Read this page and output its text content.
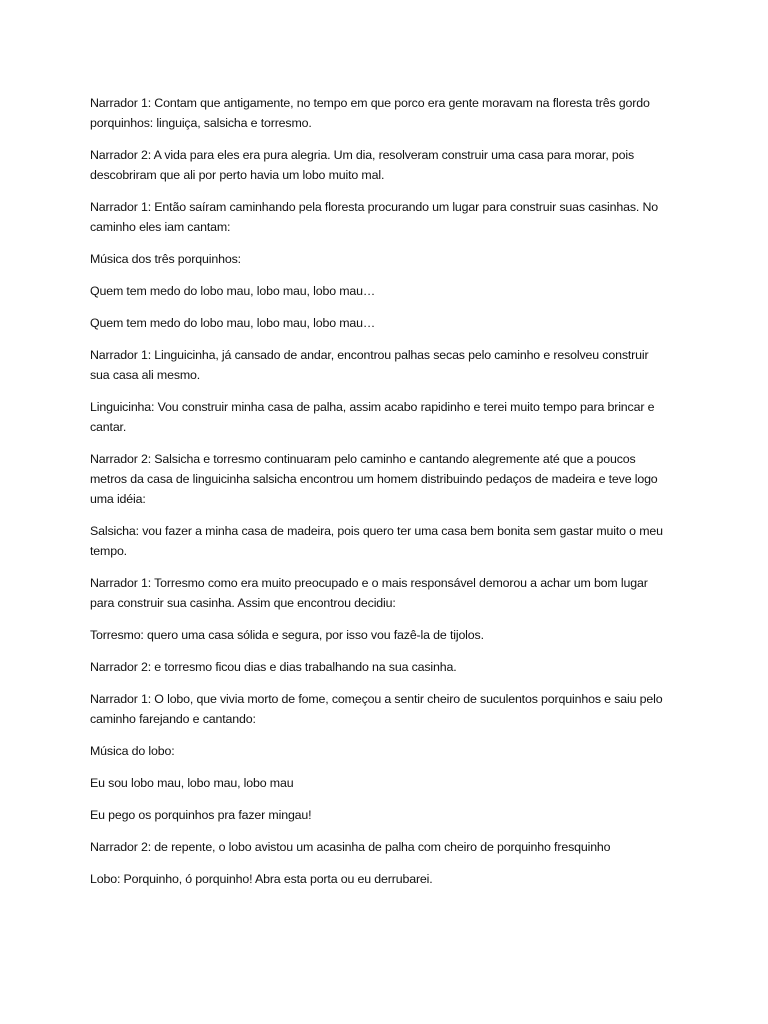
Narrador 1: Contam que antigamente, no tempo em que porco era gente moravam na floresta três gordo porquinhos: linguiça, salsicha e torresmo.

Narrador 2: A vida para eles era pura alegria. Um dia, resolveram construir uma casa para morar, pois descobriram que ali por perto havia um lobo muito mal.

Narrador 1: Então saíram caminhando pela floresta procurando um lugar para construir suas casinhas. No caminho eles iam cantam:

Música dos três porquinhos:

Quem tem medo do lobo mau, lobo mau, lobo mau…

Quem tem medo do lobo mau, lobo mau, lobo mau…

Narrador 1: Linguicinha, já cansado de andar, encontrou palhas secas pelo caminho e resolveu construir sua casa ali mesmo.

Linguicinha: Vou construir minha casa de palha, assim acabo rapidinho e terei muito tempo para brincar e cantar.

Narrador 2: Salsicha e torresmo continuaram pelo caminho e cantando alegremente até que a poucos metros da casa de linguicinha salsicha encontrou um homem distribuindo pedaços de madeira e teve logo uma idéia:

Salsicha: vou fazer a minha casa de madeira, pois quero ter uma casa bem bonita sem gastar muito o meu tempo.

Narrador 1: Torresmo como era muito preocupado e o mais responsável demorou a achar um bom lugar para construir sua casinha. Assim que encontrou decidiu:

Torresmo: quero uma casa sólida e segura, por isso vou fazê-la de tijolos.

Narrador 2: e torresmo ficou dias e dias trabalhando na sua casinha.

Narrador 1: O lobo, que vivia morto de fome, começou a sentir cheiro de suculentos porquinhos e saiu pelo caminho farejando e cantando:

Música do lobo:

Eu sou lobo mau, lobo mau, lobo mau

Eu pego os porquinhos pra fazer mingau!

Narrador 2: de repente, o lobo avistou um acasinha de palha com cheiro de porquinho fresquinho

Lobo: Porquinho, ó porquinho! Abra esta porta ou eu derrubarei.
